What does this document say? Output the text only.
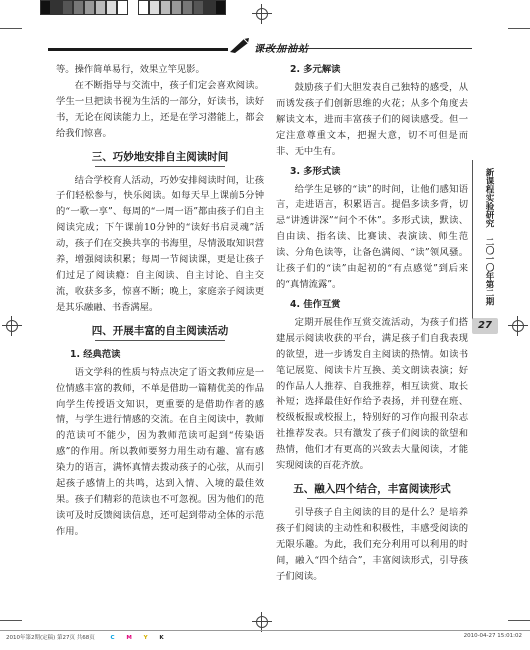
课改加油站

等。操作简单易行，效果立竿见影。

在不断指导与交流中，孩子们定会喜欢阅读。学生一旦把读书视为生活的一部分，好读书，读好书，无论在阅读能力上，还是在学习潜能上，都会给我们惊喜。

三、巧妙地安排自主阅读时间

结合学校育人活动，巧妙安排阅读时间，让孩子们轻松参与，快乐阅读。如每天早上课前5分钟的“一歌一享”、每周的“一周一语”都由孩子们自主阅读完成；下午课前10分钟的“读好书启灵魂”活动，孩子们在交换共享的书海里，尽情汲取知识营养，增强阅读积累；每周一节阅读课，更是让孩子们过足了阅读瘾：自主阅读、自主讨论、自主交流，收获多多，惊喜不断；晚上，家庭亲子阅读更是其乐融融、书香满屋。

四、开展丰富的自主阅读活动
1. 经典范读

语文学科的性质与特点决定了语文教师应是一位情感丰富的教师，不单是借助一篇精优美的作品向学生传授语文知识，更重要的是借助作者的感情，与学生进行情感的交流。在自主阅读中，教师的范读可不能少，因为教师范读可起到“传染语感”的作用。所以教师要努力用生动有趣、富有感染力的语言，满怀真情去拨动孩子的心弦，从而引起孩子感情上的共鸣，达到入情、入境的最佳效果。孩子们精彩的范读也不可忽视。因为他们的范读可及时反馈阅读信息，还可起到带动全体的示范作用。

2. 多元解读

鼓励孩子们大胆发表自己独特的感受，从而诱发孩子们创新思维的火花；从多个角度去解读文本，进而丰富孩子们的阅读感受。但一定注意尊重文本，把握大意，切不可但是而非、无中生有。

3. 多形式读

给学生足够的“读”的时间，让他们感知语言，走进语言，积累语言。提倡多读多背，切忌“讲透讲深”“问个不休”。多形式读，默读、自由读、指名读、比赛读、表演读、师生范读、分角色读等，让备色满阅、“读”领风骚。让孩子们的“读”由起初的“有点感觉”到后来的“真情流露”。

4. 佳作互赏

定期开展佳作互赏交流活动，为孩子们搭建展示阅读收获的平台，满足孩子们自我表现的欲望，进一步诱发自主阅读的热情。如读书笔记展览、阅读卡片互换、美文朗读表演；好的作品人人推荐、自我推荐，相互读赏、取长补短；选择最佳好作给予表扬，并刊登在班、校级板报或校报上，特别好的习作向报刊杂志社推荐发表。只有激发了孩子们阅读的欲望和热情，他们才有更高的兴致去大量阅读，才能实现阅读的百花齐放。

五、融入四个结合，丰富阅读形式

引导孩子自主阅读的目的是什么？是培养孩子们阅读的主动性和积极性，丰感受阅读的无限乐趣。为此，我们充分利用可以利用的时间，融入“四个结合”，丰富阅读形式，引导孩子们阅读。

新课程实验研究 二〇一〇年第二期
27
2010年第2期(定稿) 第27页 共68页	C M Y K	2010-04-27 15:01:02
